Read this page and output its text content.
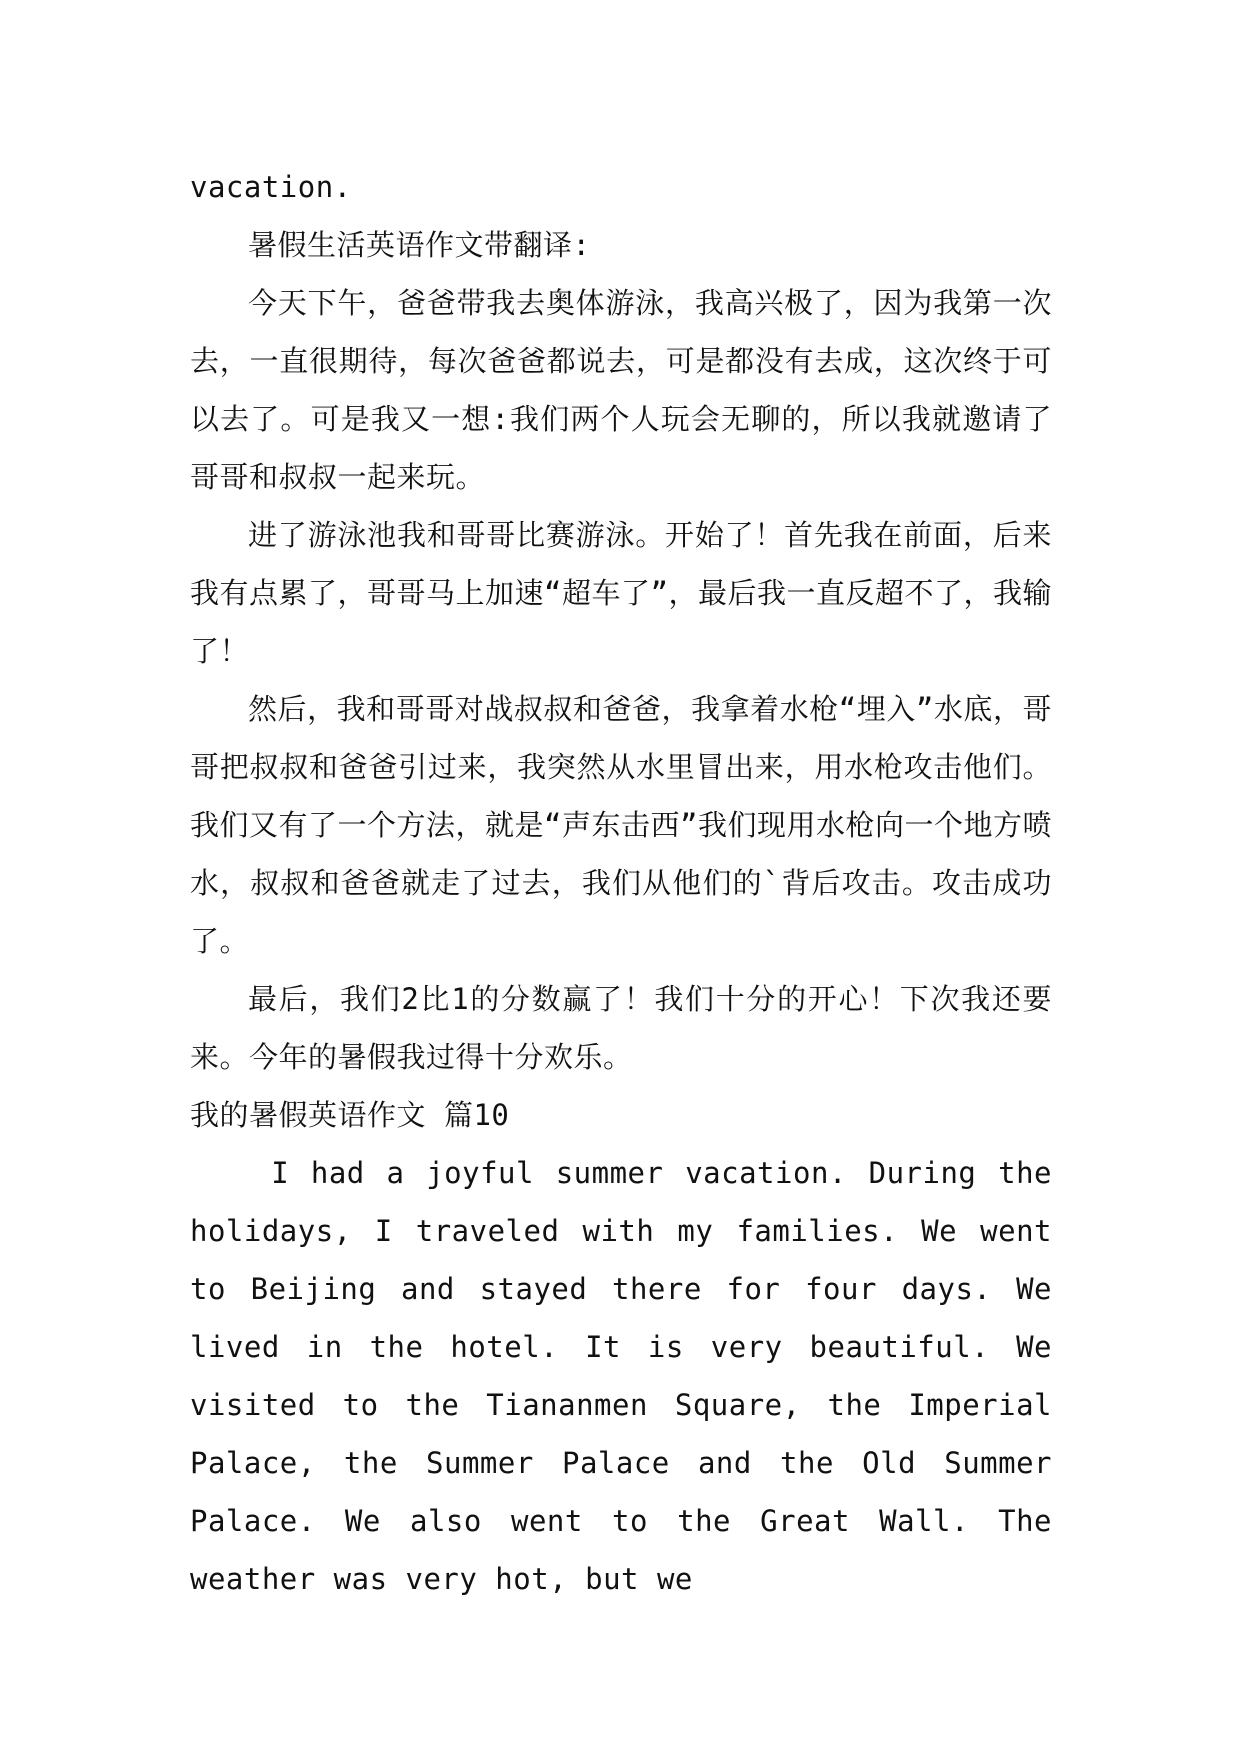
vacation.

暑假生活英语作文带翻译:

今天下午，爸爸带我去奥体游泳，我高兴极了，因为我第一次去，一直很期待，每次爸爸都说去，可是都没有去成，这次终于可以去了。可是我又一想:我们两个人玩会无聊的，所以我就邀请了哥哥和叔叔一起来玩。

进了游泳池我和哥哥比赛游泳。开始了！首先我在前面，后来我有点累了，哥哥马上加速“超车了”，最后我一直反超不了，我输了！

然后，我和哥哥对战叔叔和爸爸，我拿着水枪“埋入”水底，哥哥把叔叔和爸爸引过来，我突然从水里冒出来，用水枪攻击他们。我们又有了一个方法，就是“声东击西”我们现用水枪向一个地方喷水，叔叔和爸爸就走了过去，我们从他们的`背后攻击。攻击成功了。

最后，我们2比1的分数赢了！我们十分的开心！下次我还要来。今年的暑假我过得十分欢乐。

我的暑假英语作文 篇10

I had a joyful summer vacation. During the holidays, I traveled with my families. We went to Beijing and stayed there for four days. We lived in the hotel. It is very beautiful. We visited to the Tiananmen Square, the Imperial Palace, the Summer Palace and the Old Summer Palace. We also went to the Great Wall. The weather was very hot, but we
